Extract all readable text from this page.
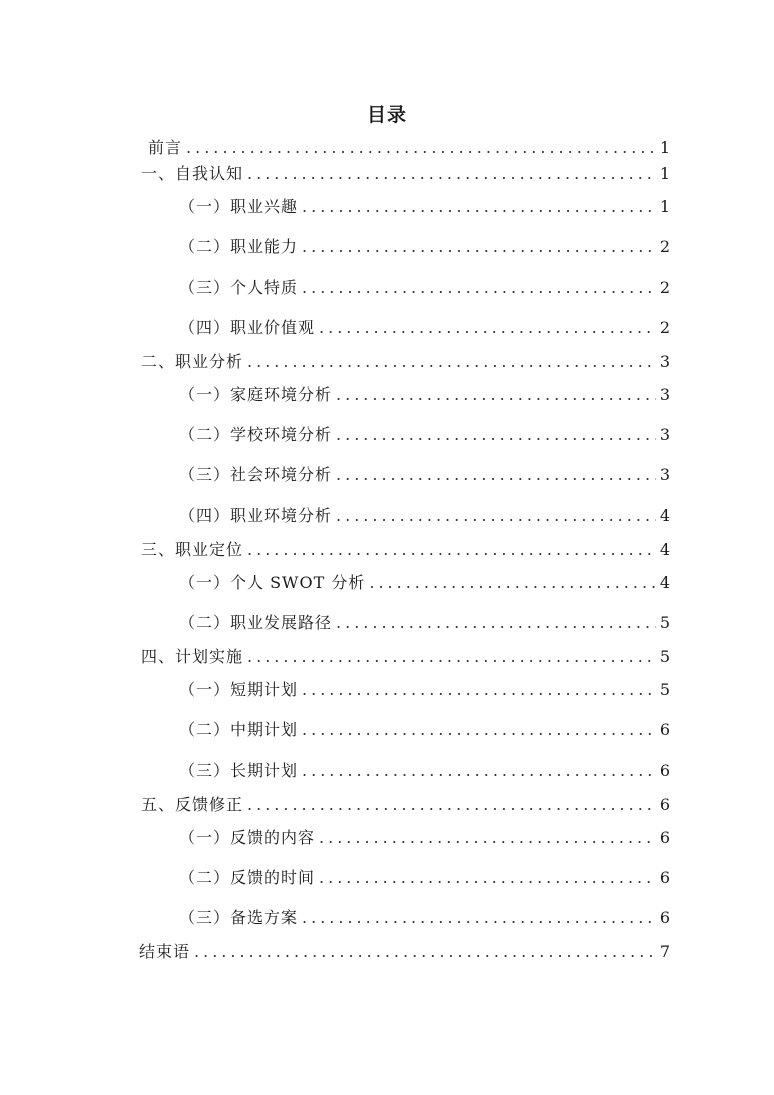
目录
前言 .....	1
一、自我认知 .....	1
（一）职业兴趣 .....	1
（二）职业能力 .....	2
（三）个人特质 .....	2
（四）职业价值观 .....	2
二、职业分析 .....	3
（一）家庭环境分析 .....	3
（二）学校环境分析 .....	3
（三）社会环境分析 .....	3
（四）职业环境分析 .....	4
三、职业定位 .....	4
（一）个人 SWOT 分析 .....	4
（二）职业发展路径 .....	5
四、计划实施 .....	5
（一）短期计划 .....	5
（二）中期计划 .....	6
（三）长期计划 .....	6
五、反馈修正 .....	6
（一）反馈的内容 .....	6
（二）反馈的时间 .....	6
（三）备选方案 .....	6
结束语 .....	7
